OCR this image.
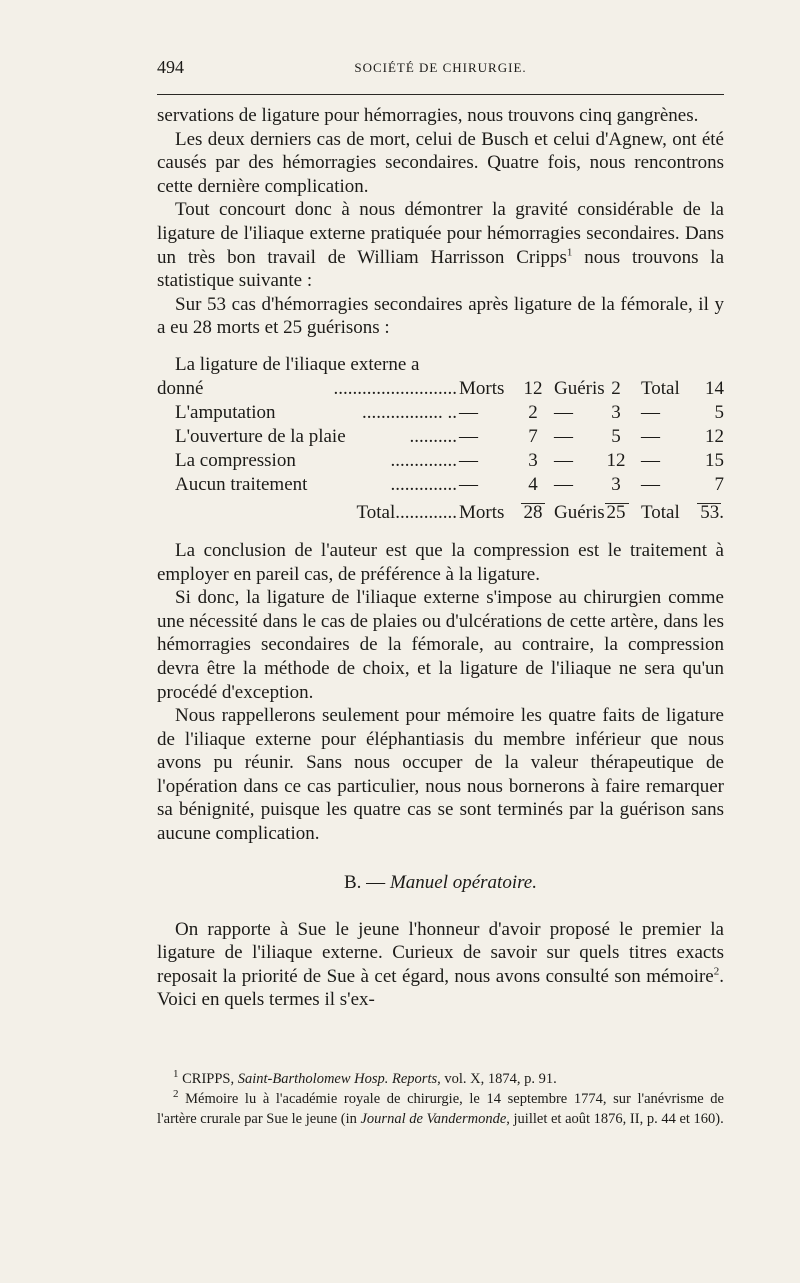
494	SOCIÉTÉ DE CHIRURGIE.

servations de ligature pour hémorragies, nous trouvons cinq gangrènes.

Les deux derniers cas de mort, celui de Busch et celui d'Agnew, ont été causés par des hémorragies secondaires. Quatre fois, nous rencontrons cette dernière complication.

Tout concourt donc à nous démontrer la gravité considérable de la ligature de l'iliaque externe pratiquée pour hémorragies secondaires. Dans un très bon travail de William Harrisson Cripps$^1$ nous trouvons la statistique suivante :

Sur 53 cas d'hémorragies secondaires après ligature de la fémorale, il y a eu 28 morts et 25 guérisons :

La ligature de l'iliaque externe a
donné	.......................... Morts	12 Guéris 2	Total	14
L'amputation	................. .. —	2 —	3	—	5
L'ouverture de la plaie	.......... —	7 —	5	—	12
La compression	.............. —	3 —	12 —	15
Aucun traitement	.............. —	4 —	3	—	7
Total............. Morts	28 Guéris 25 Total	53.

La conclusion de l'auteur est que la compression est le traitement à employer en pareil cas, de préférence à la ligature.

Si donc, la ligature de l'iliaque externe s'impose au chirurgien comme une nécessité dans le cas de plaies ou d'ulcérations de cette artère, dans les hémorragies secondaires de la fémorale, au contraire, la compression devra être la méthode de choix, et la ligature de l'iliaque ne sera qu'un procédé d'exception.

Nous rappellerons seulement pour mémoire les quatre faits de ligature de l'iliaque externe pour éléphantiasis du membre inférieur que nous avons pu réunir. Sans nous occuper de la valeur thérapeutique de l'opération dans ce cas particulier, nous nous bornerons à faire remarquer sa bénignité, puisque les quatre cas se sont terminés par la guérison sans aucune complication.

B. — Manuel opératoire.

On rapporte à Sue le jeune l'honneur d'avoir proposé le premier la ligature de l'iliaque externe. Curieux de savoir sur quels titres exacts reposait la priorité de Sue à cet égard, nous avons consulté son mémoire$^2$. Voici en quels termes il s'ex-

$^1$ CRIPPS, Saint-Bartholomew Hosp. Reports, vol. X, 1874, p. 91.

$^2$ Mémoire lu à l'académie royale de chirurgie, le 14 septembre 1774, sur l'anévrisme de l'artère crurale par Sue le jeune (in Journal de Vandermonde, juillet et août 1876, II, p. 44 et 160).
